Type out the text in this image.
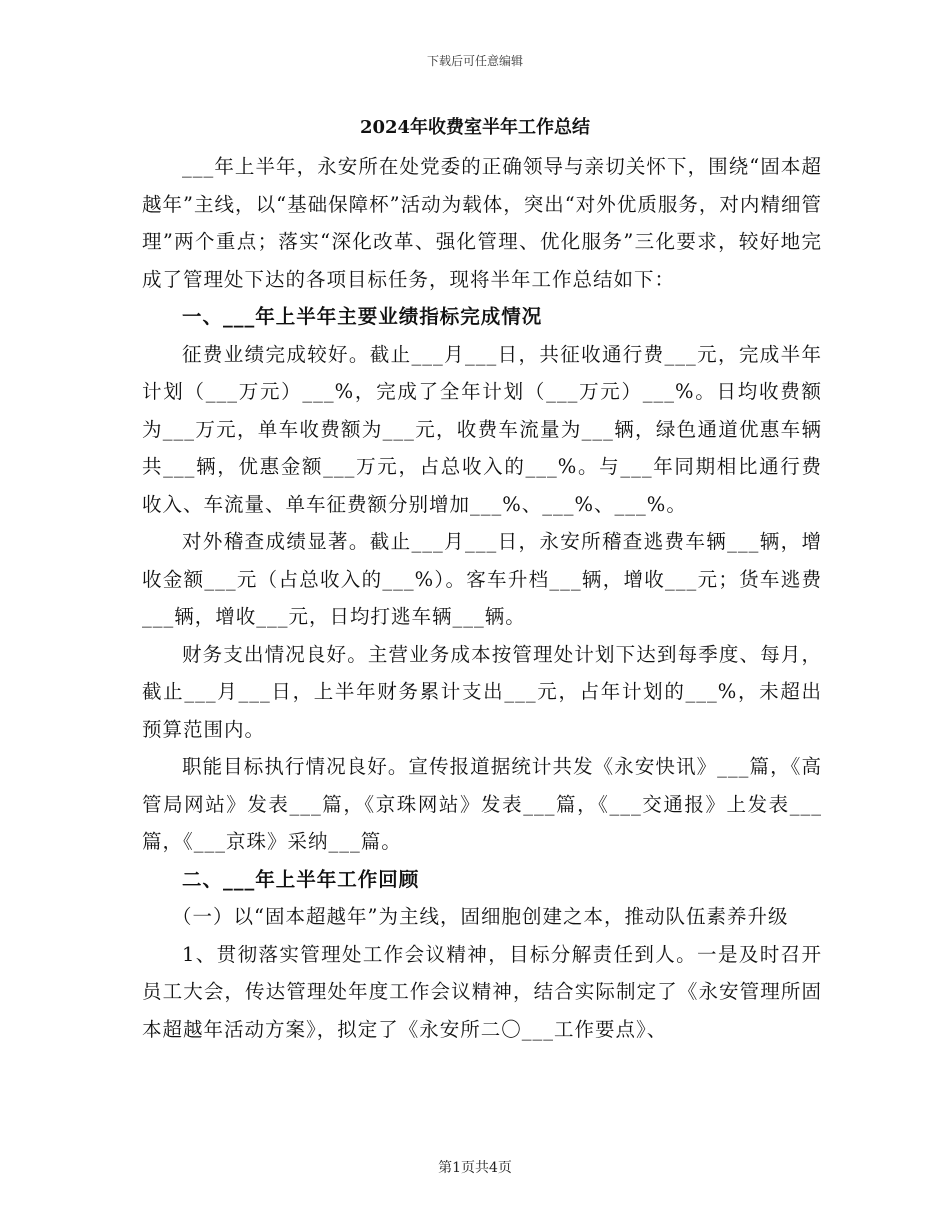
下载后可任意编辑
2024年收费室半年工作总结

___年上半年，永安所在处党委的正确领导与亲切关怀下，围绕“固本超越年”主线，以“基础保障杯”活动为载体，突出“对外优质服务，对内精细管理”两个重点；落实“深化改革、强化管理、优化服务”三化要求，较好地完成了管理处下达的各项目标任务，现将半年工作总结如下：

一、___年上半年主要业绩指标完成情况

征费业绩完成较好。截止___月___日，共征收通行费___元，完成半年计划（___万元）___%，完成了全年计划（___万元）___%。日均收费额为___万元，单车收费额为___元，收费车流量为___辆，绿色通道优惠车辆共___辆，优惠金额___万元，占总收入的___%。与___年同期相比通行费收入、车流量、单车征费额分别增加___%、___%、___%。

对外稽查成绩显著。截止___月___日，永安所稽查逃费车辆___辆，增收金额___元（占总收入的___%）。客车升档___辆，增收___元；货车逃费___辆，增收___元，日均打逃车辆___辆。

财务支出情况良好。主营业务成本按管理处计划下达到每季度、每月，截止___月___日，上半年财务累计支出___元，占年计划的___%，未超出预算范围内。

职能目标执行情况良好。宣传报道据统计共发《永安快讯》___篇，《高管局网站》发表___篇，《京珠网站》发表___篇，《___交通报》上发表___篇，《___京珠》采纳___篇。

二、___年上半年工作回顾

（一）以“固本超越年”为主线，固细胞创建之本，推动队伍素养升级

1、贯彻落实管理处工作会议精神，目标分解责任到人。一是及时召开员工大会，传达管理处年度工作会议精神，结合实际制定了《永安管理所固本超越年活动方案》，拟定了《永安所二〇___工作要点》、

第1页共4页
